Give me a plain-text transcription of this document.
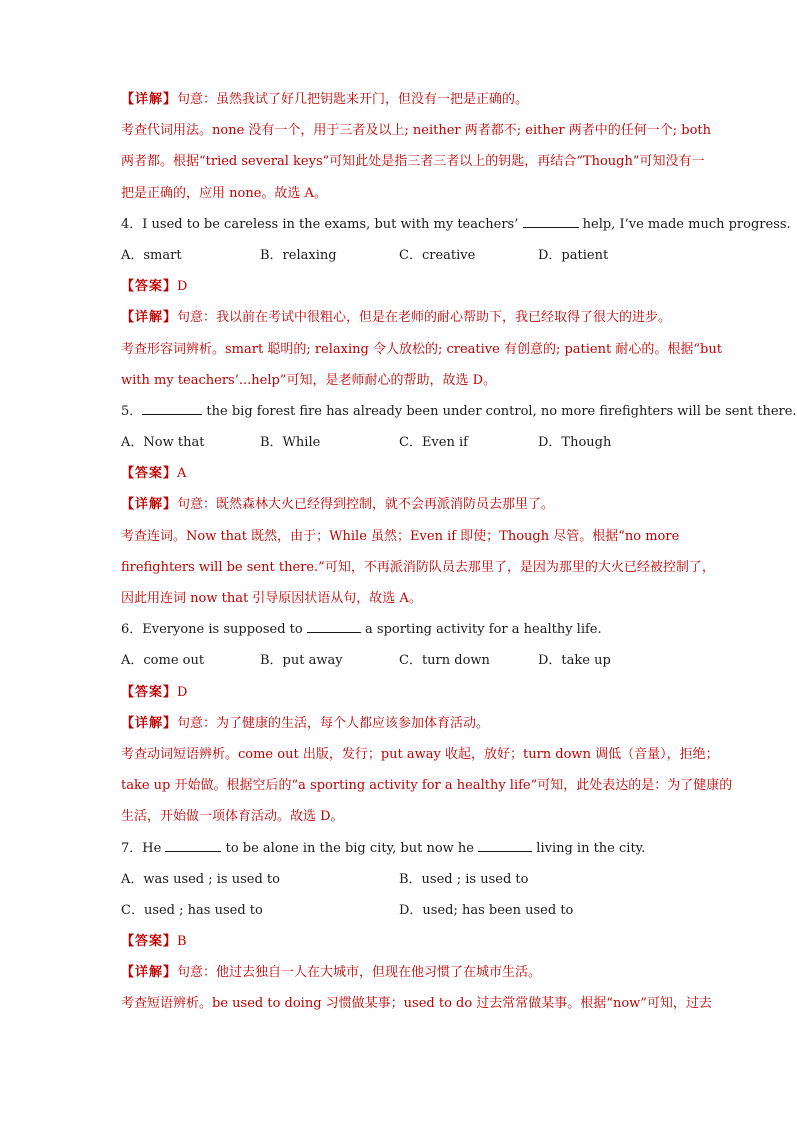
【详解】句意：虽然我试了好几把钥匙来开门，但没有一把是正确的。
考查代词用法。none 没有一个，用于三者及以上; neither 两者都不; either 两者中的任何一个; both
两者都。根据“tried several keys”可知此处是指三者三者以上的钥匙，再结合“Though”可知没有一
把是正确的，应用 none。故选 A。
4．I used to be careless in the exams, but with my teachers’	help, I’ve made much progress.
A．smart	B．relaxing	C．creative	D．patient
【答案】D
【详解】句意：我以前在考试中很粗心，但是在老师的耐心帮助下，我已经取得了很大的进步。
考查形容词辨析。smart 聪明的; relaxing 令人放松的; creative 有创意的; patient 耐心的。根据“but
with my teachers’...help”可知，是老师耐心的帮助，故选 D。
5．	the big forest fire has already been under control, no more firefighters will be sent there.
A．Now that	B．While	C．Even if	D．Though
【答案】A
【详解】句意：既然森林大火已经得到控制，就不会再派消防员去那里了。
考查连词。Now that 既然，由于；While 虽然；Even if 即使；Though 尽管。根据“no more
firefighters will be sent there.”可知，不再派消防队员去那里了，是因为那里的大火已经被控制了，
因此用连词 now that 引导原因状语从句，故选 A。
6．Everyone is supposed to	a sporting activity for a healthy life.
A．come out	B．put away	C．turn down	D．take up
【答案】D
【详解】句意：为了健康的生活，每个人都应该参加体育活动。
考查动词短语辨析。come out 出版，发行；put away 收起，放好；turn down 调低（音量），拒绝；
take up 开始做。根据空后的“a sporting activity for a healthy life”可知，此处表达的是：为了健康的
生活，开始做一项体育活动。故选 D。
7．He	to be alone in the big city, but now he	living in the city.
A．was used ; is used to	B．used ; is used to
C．used ; has used to	D．used; has been used to
【答案】B
【详解】句意：他过去独自一人在大城市，但现在他习惯了在城市生活。
考查短语辨析。be used to doing 习惯做某事；used to do 过去常常做某事。根据“now”可知，过去
